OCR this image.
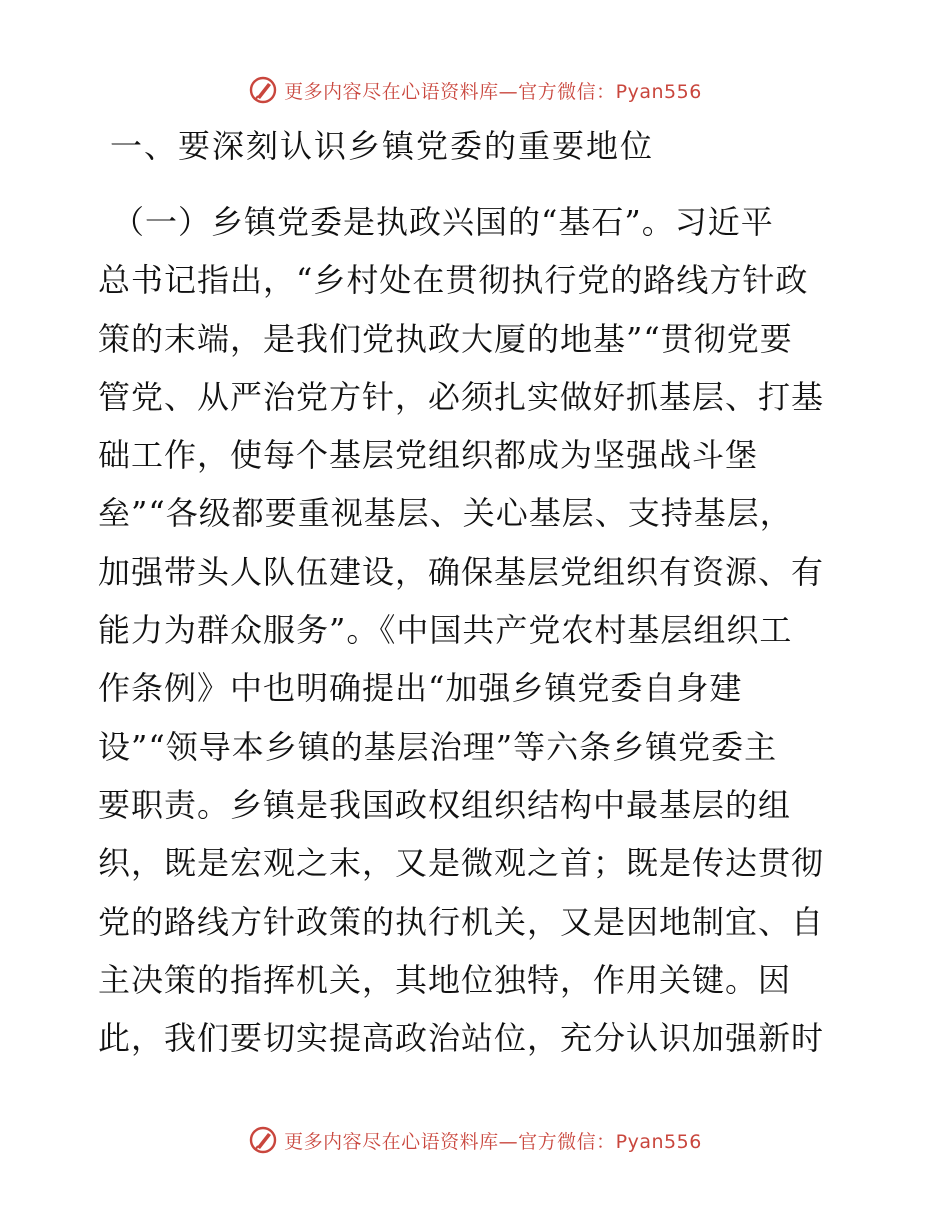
更多内容尽在心语资料库—官方微信：Pyan556
一、要深刻认识乡镇党委的重要地位
（一）乡镇党委是执政兴国的“基石”。习近平
总书记指出，“乡村处在贯彻执行党的路线方针政
策的末端，是我们党执政大厦的地基”“贯彻党要
管党、从严治党方针，必须扎实做好抓基层、打基
础工作，使每个基层党组织都成为坚强战斗堡
垒”“各级都要重视基层、关心基层、支持基层，
加强带头人队伍建设，确保基层党组织有资源、有
能力为群众服务”。《中国共产党农村基层组织工
作条例》中也明确提出“加强乡镇党委自身建
设”“领导本乡镇的基层治理”等六条乡镇党委主
要职责。乡镇是我国政权组织结构中最基层的组
织，既是宏观之末，又是微观之首；既是传达贯彻
党的路线方针政策的执行机关，又是因地制宜、自
主决策的指挥机关，其地位独特，作用关键。因
此，我们要切实提高政治站位，充分认识加强新时
更多内容尽在心语资料库—官方微信：Pyan556
